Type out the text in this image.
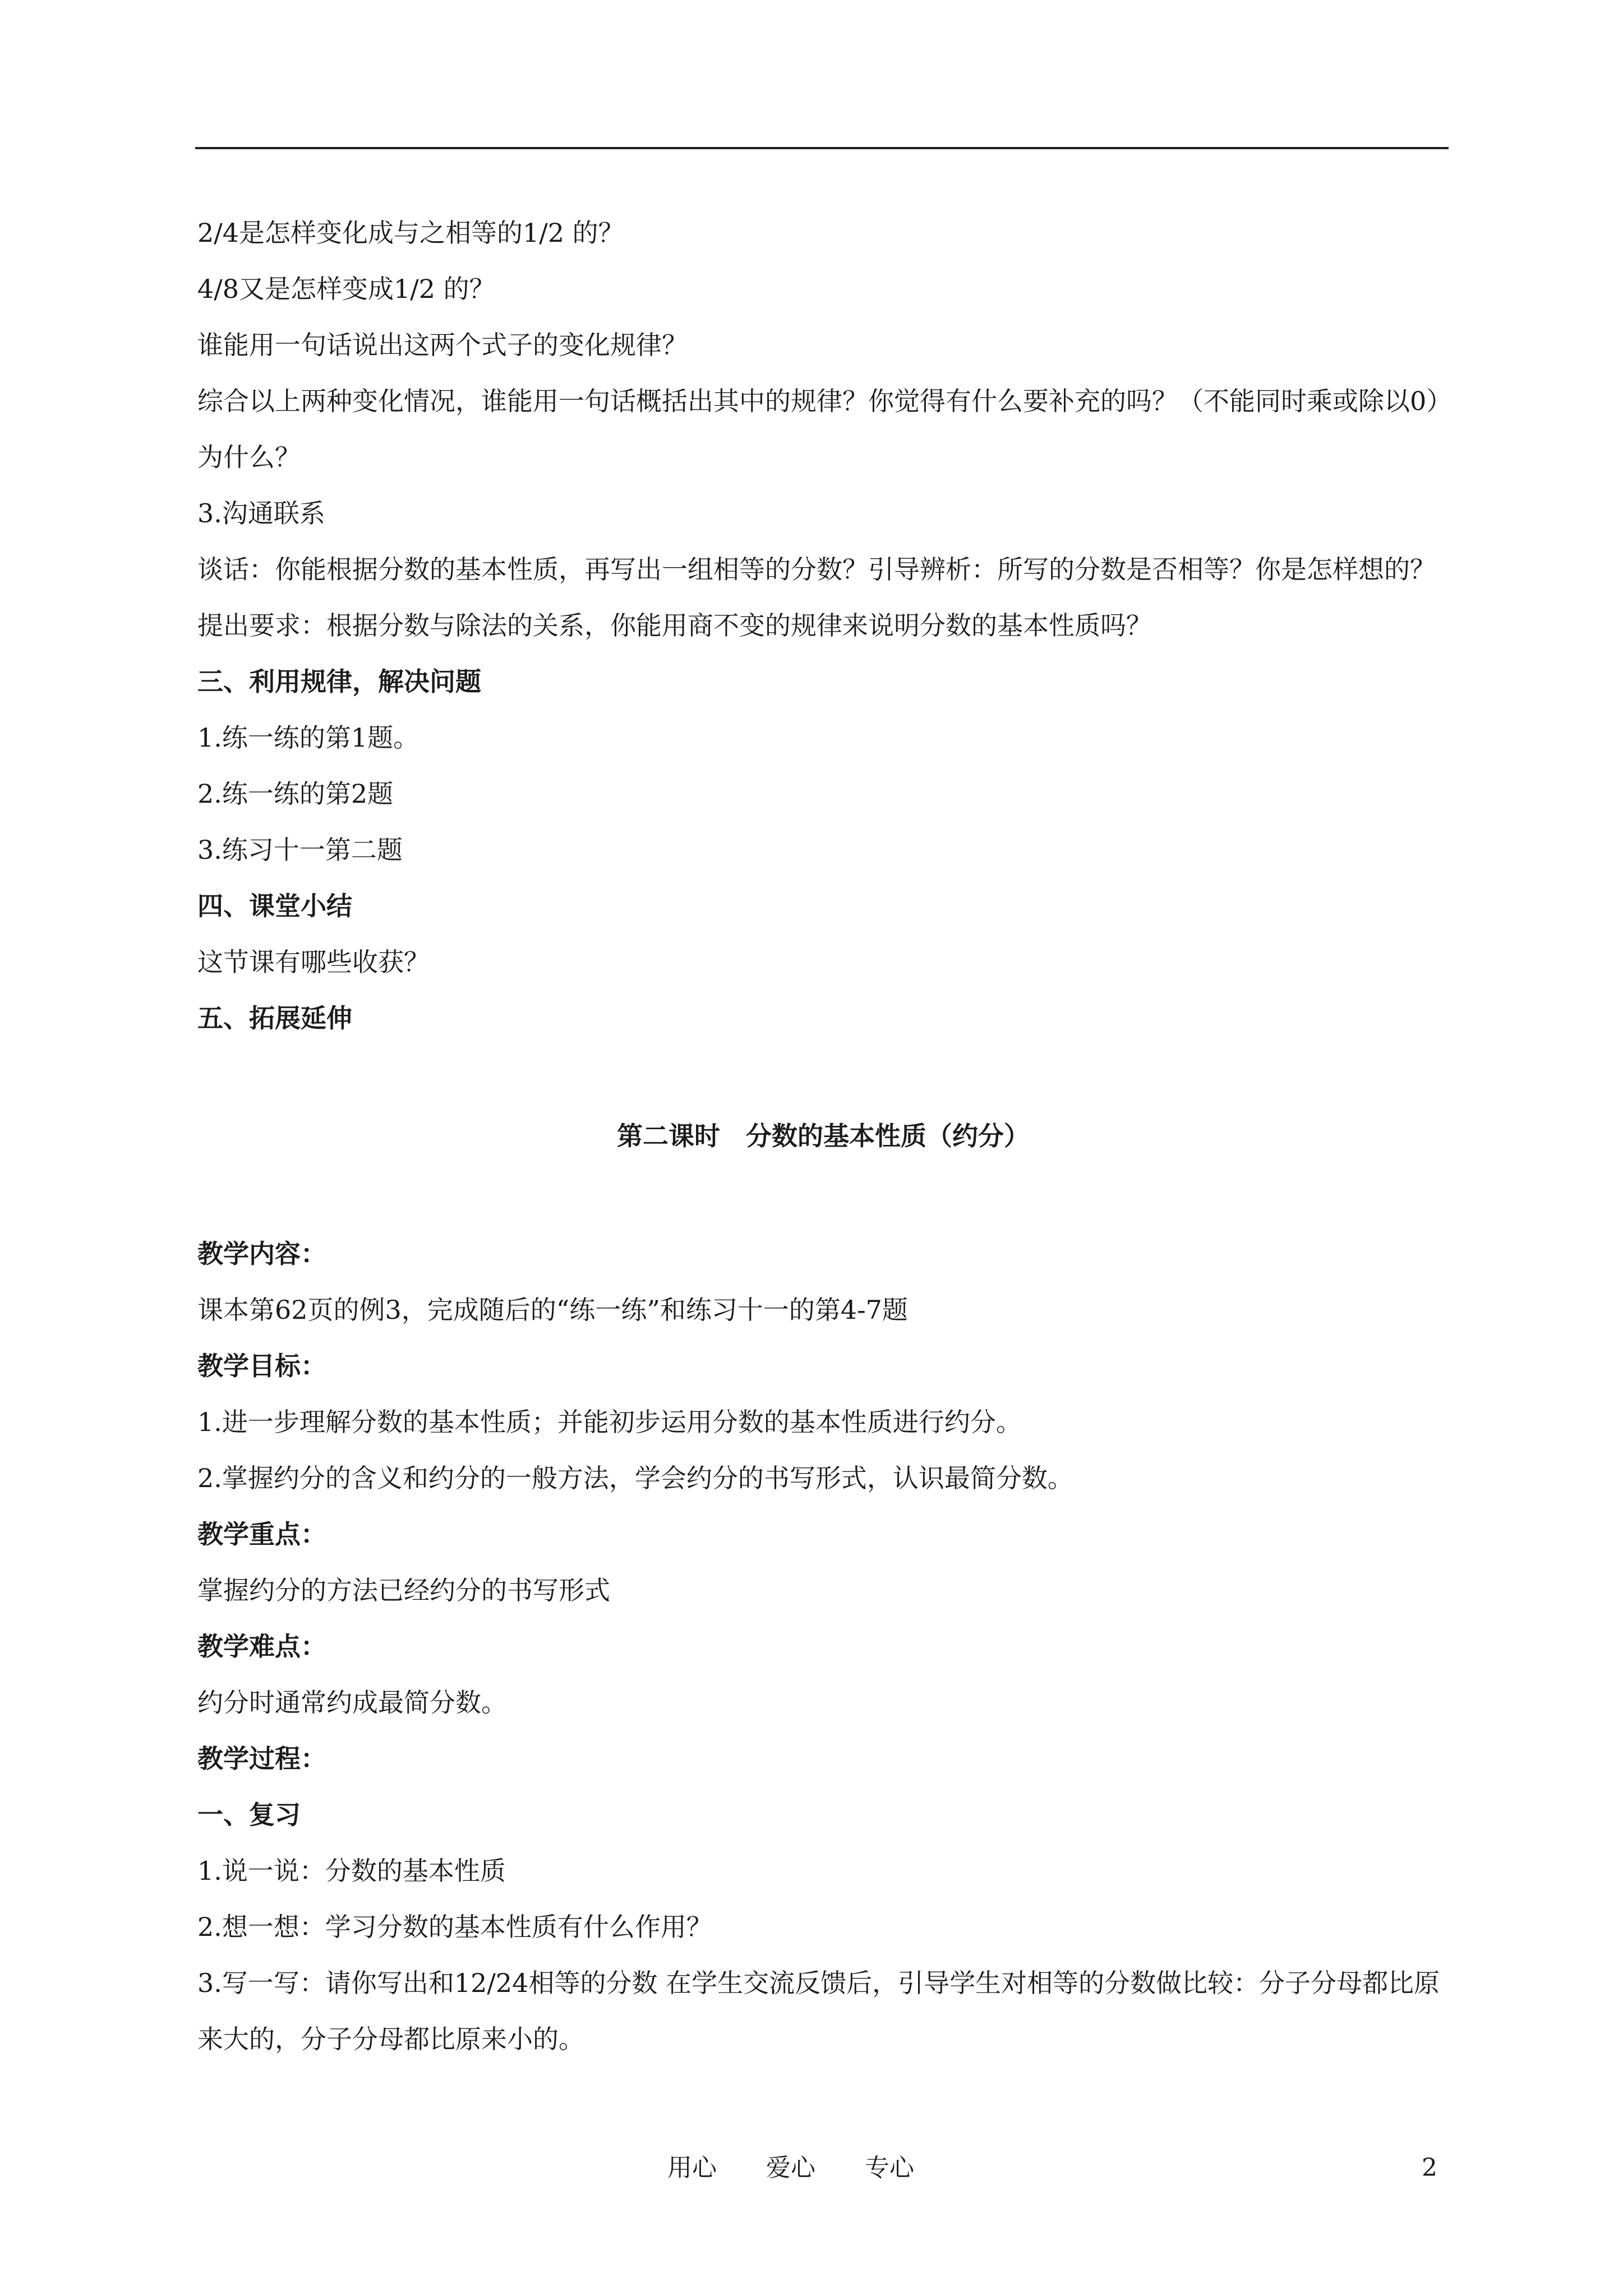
2/4是怎样变化成与之相等的1/2 的？

4/8又是怎样变成1/2 的？

谁能用一句话说出这两个式子的变化规律？

综合以上两种变化情况，谁能用一句话概括出其中的规律？你觉得有什么要补充的吗？（不能同时乘或除以0）为什么？

3.沟通联系

谈话：你能根据分数的基本性质，再写出一组相等的分数？引导辨析：所写的分数是否相等？你是怎样想的？

提出要求：根据分数与除法的关系，你能用商不变的规律来说明分数的基本性质吗？

三、利用规律，解决问题

1.练一练的第1题。

2.练一练的第2题

3.练习十一第二题

四、课堂小结

这节课有哪些收获？

五、拓展延伸

第二课时　分数的基本性质（约分）

教学内容：

课本第62页的例3，完成随后的“练一练”和练习十一的第4-7题

教学目标：

1.进一步理解分数的基本性质；并能初步运用分数的基本性质进行约分。

2.掌握约分的含义和约分的一般方法，学会约分的书写形式，认识最简分数。

教学重点：

掌握约分的方法已经约分的书写形式

教学难点：

约分时通常约成最简分数。

教学过程：

一、复习

1.说一说：分数的基本性质

2.想一想：学习分数的基本性质有什么作用？

3.写一写：请你写出和12/24相等的分数 在学生交流反馈后，引导学生对相等的分数做比较：分子分母都比原来大的，分子分母都比原来小的。

用心　　爱心　　专心	2
